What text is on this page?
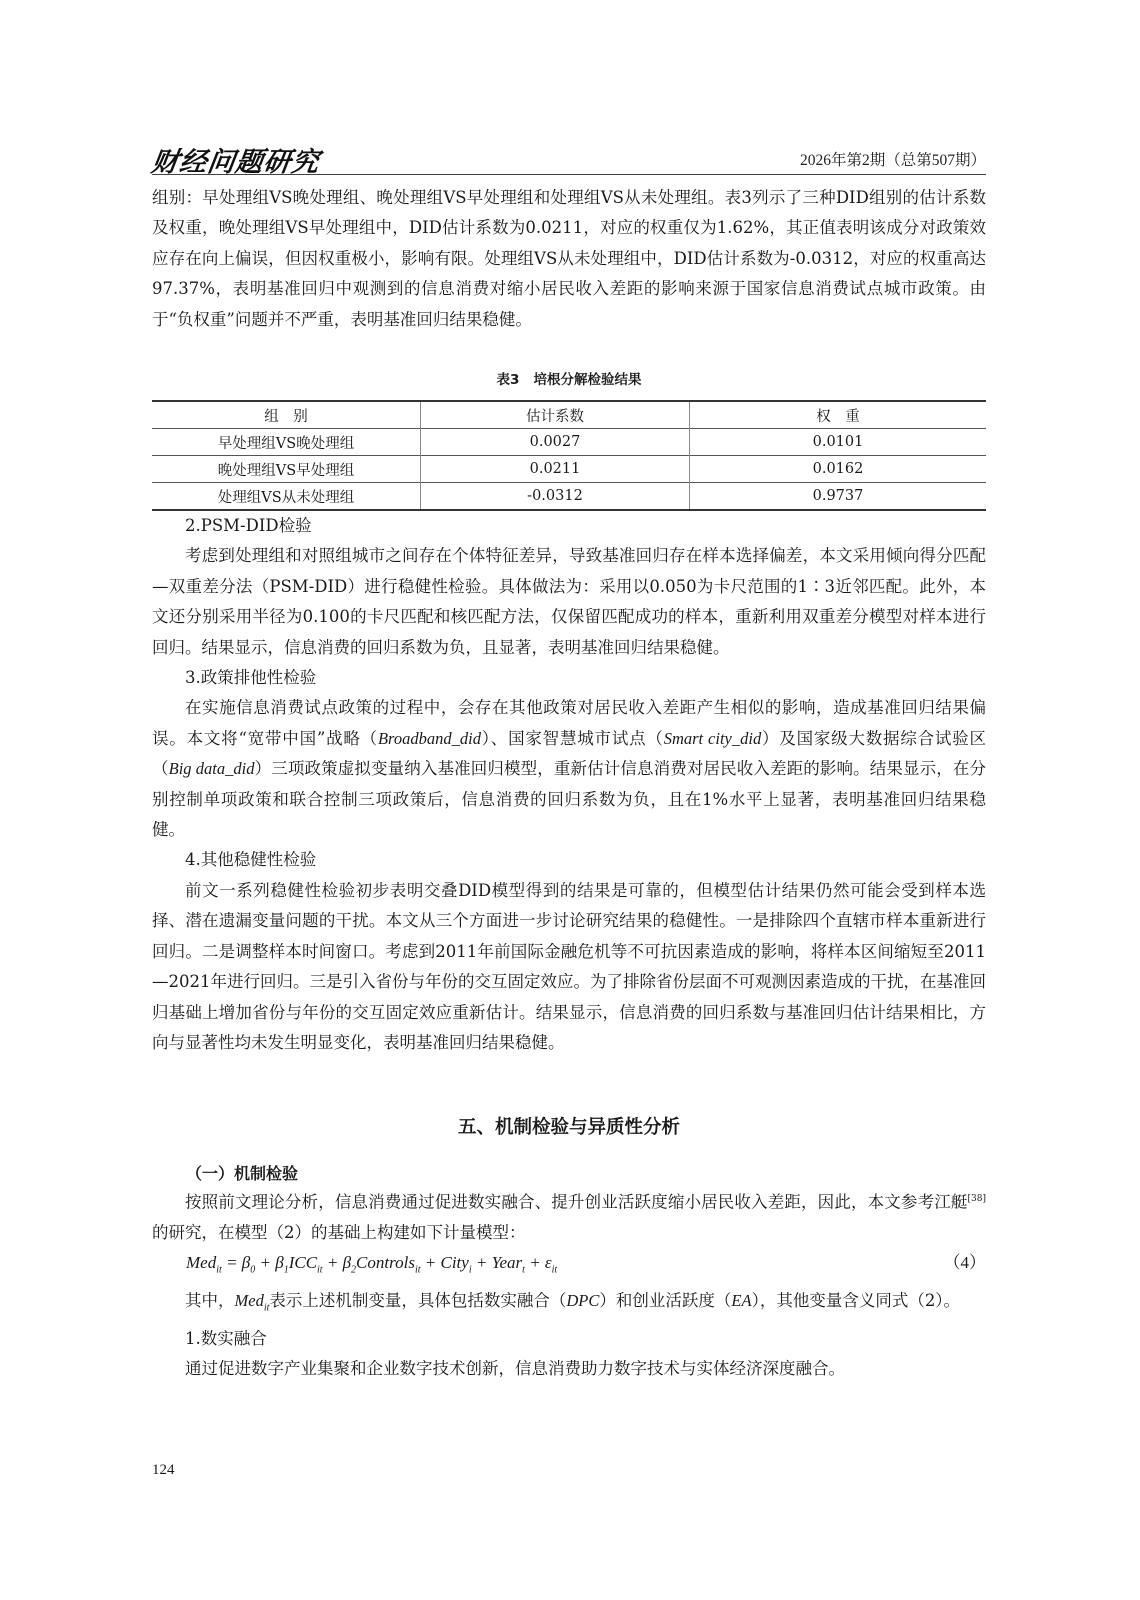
财经问题研究	2026年第2期（总第507期）

组别：早处理组VS晚处理组、晚处理组VS早处理组和处理组VS从未处理组。表3列示了三种DID组别的估计系数及权重，晚处理组VS早处理组中，DID估计系数为0.0211，对应的权重仅为1.62%，其正值表明该成分对政策效应存在向上偏误，但因权重极小，影响有限。处理组VS从未处理组中，DID估计系数为-0.0312，对应的权重高达97.37%，表明基准回归中观测到的信息消费对缩小居民收入差距的影响来源于国家信息消费试点城市政策。由于“负权重”问题并不严重，表明基准回归结果稳健。

表3 培根分解检验结果
组　别	估计系数	权　重
早处理组VS晚处理组	0.0027	0.0101
晚处理组VS早处理组	0.0211	0.0162
处理组VS从未处理组	-0.0312	0.9737

2.PSM-DID检验

考虑到处理组和对照组城市之间存在个体特征差异，导致基准回归存在样本选择偏差，本文采用倾向得分匹配—双重差分法（PSM-DID）进行稳健性检验。具体做法为：采用以0.050为卡尺范围的1∶3近邻匹配。此外，本文还分别采用半径为0.100的卡尺匹配和核匹配方法，仅保留匹配成功的样本，重新利用双重差分模型对样本进行回归。结果显示，信息消费的回归系数为负，且显著，表明基准回归结果稳健。

3.政策排他性检验

在实施信息消费试点政策的过程中，会存在其他政策对居民收入差距产生相似的影响，造成基准回归结果偏误。本文将“宽带中国”战略（Broadband_did）、国家智慧城市试点（Smart city_did）及国家级大数据综合试验区（Big data_did）三项政策虚拟变量纳入基准回归模型，重新估计信息消费对居民收入差距的影响。结果显示，在分别控制单项政策和联合控制三项政策后，信息消费的回归系数为负，且在1%水平上显著，表明基准回归结果稳健。

4.其他稳健性检验

前文一系列稳健性检验初步表明交叠DID模型得到的结果是可靠的，但模型估计结果仍然可能会受到样本选择、潜在遗漏变量问题的干扰。本文从三个方面进一步讨论研究结果的稳健性。一是排除四个直辖市样本重新进行回归。二是调整样本时间窗口。考虑到2011年前国际金融危机等不可抗因素造成的影响，将样本区间缩短至2011—2021年进行回归。三是引入省份与年份的交互固定效应。为了排除省份层面不可观测因素造成的干扰，在基准回归基础上增加省份与年份的交互固定效应重新估计。结果显示，信息消费的回归系数与基准回归估计结果相比，方向与显著性均未发生明显变化，表明基准回归结果稳健。

五、机制检验与异质性分析
（一）机制检验

按照前文理论分析，信息消费通过促进数实融合、提升创业活跃度缩小居民收入差距，因此，本文参考江艇[38]的研究，在模型（2）的基础上构建如下计量模型：

$Med_{it} = \beta_0 + \beta_1ICC_{it}$ + $\beta_2Controls_{it}$ + City$_i$ + Year$_t$ + $\varepsilon_{it}$	（4）

其中，Med$_{it}$表示上述机制变量，具体包括数实融合（DPC）和创业活跃度（EA），其他变量含义同式（2）。

1.数实融合

通过促进数字产业集聚和企业数字技术创新，信息消费助力数字技术与实体经济深度融合。

124
